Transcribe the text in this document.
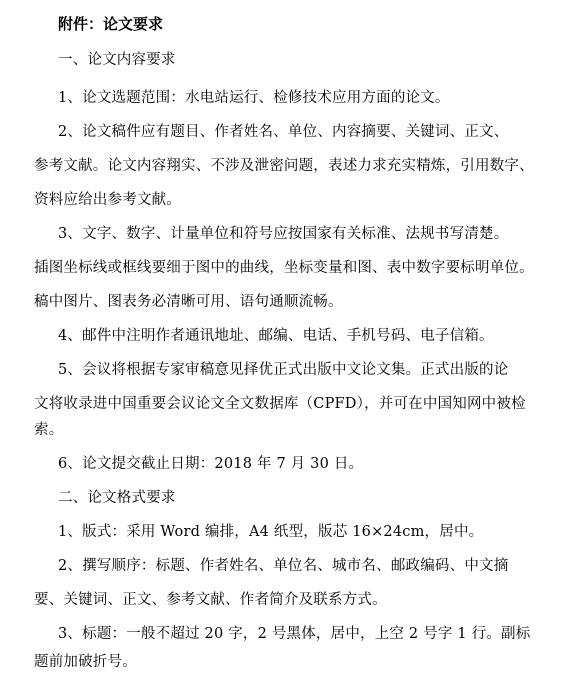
附件：论文要求
一、论文内容要求
1、论文选题范围：水电站运行、检修技术应用方面的论文。
2、论文稿件应有题目、作者姓名、单位、内容摘要、关键词、正文、
参考文献。论文内容翔实、不涉及泄密问题，表述力求充实精炼，引用数字、
资料应给出参考文献。
3、文字、数字、计量单位和符号应按国家有关标准、法规书写清楚。
插图坐标线或框线要细于图中的曲线，坐标变量和图、表中数字要标明单位。
稿中图片、图表务必清晰可用、语句通顺流畅。
4、邮件中注明作者通讯地址、邮编、电话、手机号码、电子信箱。
5、会议将根据专家审稿意见择优正式出版中文论文集。正式出版的论
文将收录进中国重要会议论文全文数据库（CPFD），并可在中国知网中被检
索。
6、论文提交截止日期：2018 年 7 月 30 日。
二、论文格式要求
1、版式：采用 Word 编排，A4 纸型，版芯 16×24cm，居中。
2、撰写顺序：标题、作者姓名、单位名、城市名、邮政编码、中文摘
要、关键词、正文、参考文献、作者简介及联系方式。
3、标题：一般不超过 20 字，2 号黑体，居中，上空 2 号字 1 行。副标
题前加破折号。
